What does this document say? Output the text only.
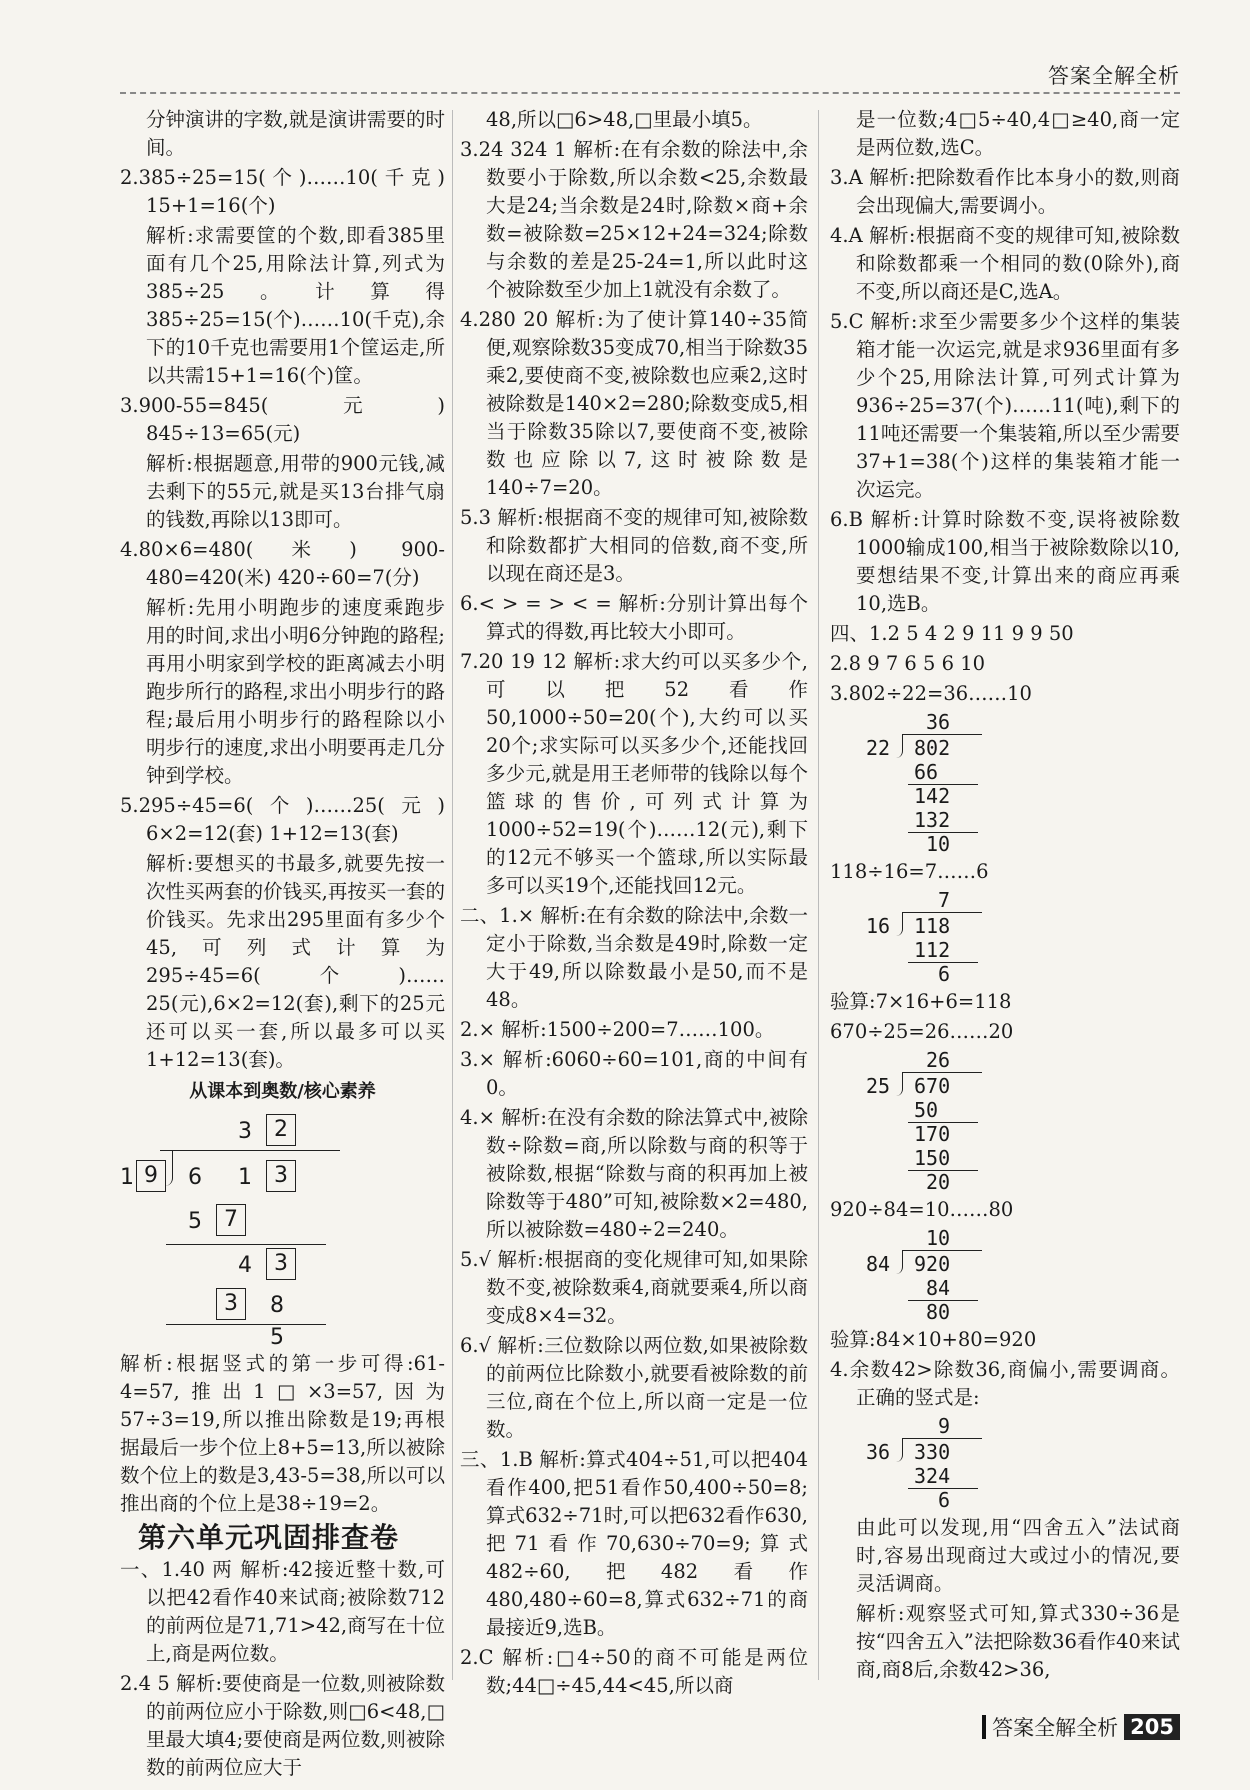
答案全解全析
分钟演讲的字数,就是演讲需要的时间。
2.385÷25=15(个)……10(千克) 15+1=16(个)
解析:求需要筐的个数,即看385里面有几个25,用除法计算,列式为385÷25。计算得385÷25=15(个)……10(千克),余下的10千克也需要用1个筐运走,所以共需15+1=16(个)筐。
3.900-55=845(元) 845÷13=65(元)
解析:根据题意,用带的900元钱,减去剩下的55元,就是买13台排气扇的钱数,再除以13即可。
4.80×6=480(米) 900-480=420(米) 420÷60=7(分)
解析:先用小明跑步的速度乘跑步用的时间,求出小明6分钟跑的路程;再用小明家到学校的距离减去小明跑步所行的路程,求出小明步行的路程;最后用小明步行的路程除以小明步行的速度,求出小明要再走几分钟到学校。
5.295÷45=6(个)……25(元) 6×2=12(套) 1+12=13(套)
解析:要想买的书最多,就要先按一次性买两套的价钱买,再按买一套的价钱买。先求出295里面有多少个45,可列式计算为295÷45=6(个)……25(元),6×2=12(套),剩下的25元还可以买一套,所以最多可以买1+12=13(套)。
从课本到奥数/核心素养
3	2
1 9	6 1	3
5	7
4	3
3	8
5
解析:根据竖式的第一步可得:61-4=57,推出1□×3=57,因为57÷3=19,所以推出除数是19;再根据最后一步个位上8+5=13,所以被除数个位上的数是3,43-5=38,所以可以推出商的个位上是38÷19=2。
第六单元巩固排查卷
一、1.40 两 解析:42接近整十数,可以把42看作40来试商;被除数712的前两位是71,71>42,商写在十位上,商是两位数。
2.4 5 解析:要使商是一位数,则被除数的前两位应小于除数,则□6<48,□里最大填4;要使商是两位数,则被除数的前两位应大于
48,所以□6>48,□里最小填5。
3.24 324 1 解析:在有余数的除法中,余数要小于除数,所以余数<25,余数最大是24;当余数是24时,除数×商+余数=被除数=25×12+24=324;除数与余数的差是25-24=1,所以此时这个被除数至少加上1就没有余数了。
4.280 20 解析:为了使计算140÷35简便,观察除数35变成70,相当于除数35乘2,要使商不变,被除数也应乘2,这时被除数是140×2=280;除数变成5,相当于除数35除以7,要使商不变,被除数也应除以7,这时被除数是140÷7=20。
5.3 解析:根据商不变的规律可知,被除数和除数都扩大相同的倍数,商不变,所以现在商还是3。
6.< > = > < = 解析:分别计算出每个算式的得数,再比较大小即可。
7.20 19 12 解析:求大约可以买多少个,可以把52看作50,1000÷50=20(个),大约可以买20个;求实际可以买多少个,还能找回多少元,就是用王老师带的钱除以每个篮球的售价,可列式计算为1000÷52=19(个)……12(元),剩下的12元不够买一个篮球,所以实际最多可以买19个,还能找回12元。
二、1.× 解析:在有余数的除法中,余数一定小于除数,当余数是49时,除数一定大于49,所以除数最小是50,而不是48。
2.× 解析:1500÷200=7……100。
3.× 解析:6060÷60=101,商的中间有0。
4.× 解析:在没有余数的除法算式中,被除数÷除数=商,所以除数与商的积等于被除数,根据“除数与商的积再加上被除数等于480”可知,被除数×2=480,所以被除数=480÷2=240。
5.√ 解析:根据商的变化规律可知,如果除数不变,被除数乘4,商就要乘4,所以商变成8×4=32。
6.√ 解析:三位数除以两位数,如果被除数的前两位比除数小,就要看被除数的前三位,商在个位上,所以商一定是一位数。
三、1.B 解析:算式404÷51,可以把404看作400,把51看作50,400÷50=8;算式632÷71时,可以把632看作630,把71看作70,630÷70=9;算式482÷60,把482看作480,480÷60=8,算式632÷71的商最接近9,选B。
2.C 解析:□4÷50的商不可能是两位数;44□÷45,44<45,所以商
是一位数;4□5÷40,4□≥40,商一定是两位数,选C。
3.A 解析:把除数看作比本身小的数,则商会出现偏大,需要调小。
4.A 解析:根据商不变的规律可知,被除数和除数都乘一个相同的数(0除外),商不变,所以商还是C,选A。
5.C 解析:求至少需要多少个这样的集装箱才能一次运完,就是求936里面有多少个25,用除法计算,可列式计算为936÷25=37(个)……11(吨),剩下的11吨还需要一个集装箱,所以至少需要37+1=38(个)这样的集装箱才能一次运完。
6.B 解析:计算时除数不变,误将被除数1000输成100,相当于被除数除以10,要想结果不变,计算出来的商应再乘10,选B。
四、1.2 5 4 2 9 11 9 9 50
2.8 9 7 6 5 6 10
3.802÷22=36……10
36
22 802
66
142
132
10
118÷16=7……6
7
16 118
112
6
验算:7×16+6=118
670÷25=26……20
26
25 670
50
170
150
20
920÷84=10……80
10
84 920
84
80
验算:84×10+80=920
4.余数42>除数36,商偏小,需要调商。正确的竖式是:
9
36 330
324
6
由此可以发现,用“四舍五入”法试商时,容易出现商过大或过小的情况,要灵活调商。
解析:观察竖式可知,算式330÷36是按“四舍五入”法把除数36看作40来试商,商8后,余数42>36,
答案全解全析 205
